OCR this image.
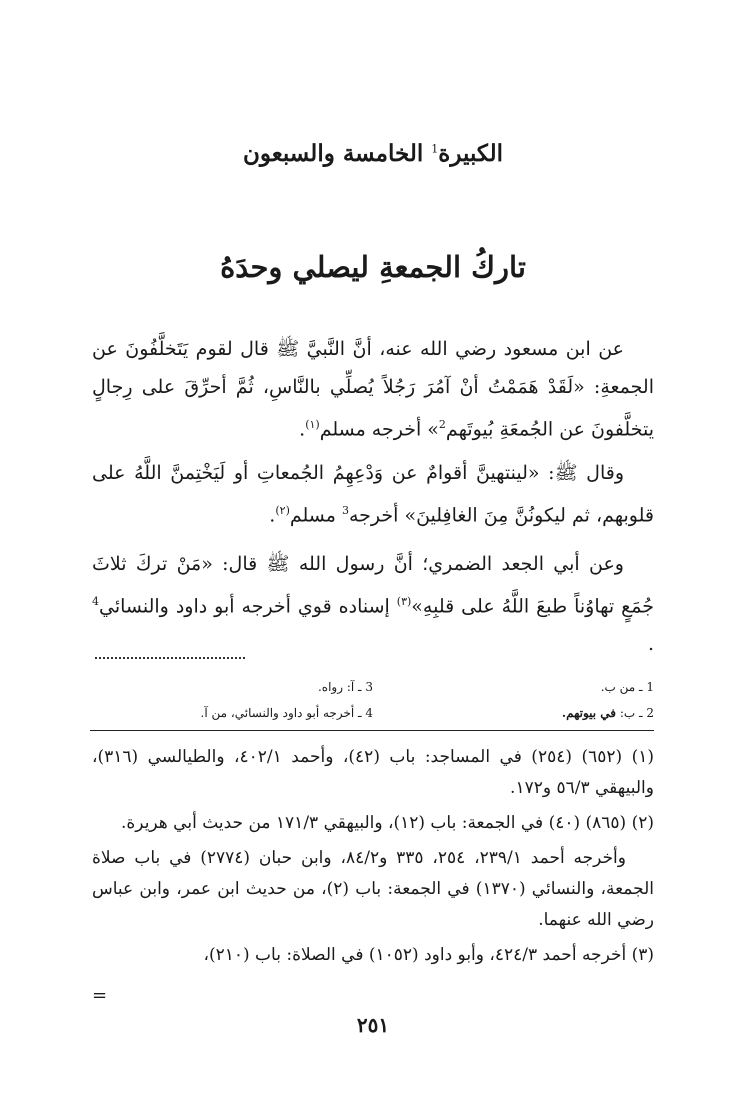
الكبيرة$^1$ الخامسة والسبعون
تاركُ الجمعةِ ليصلي وحدَهُ

عن ابن مسعود رضي الله عنه، أنَّ النَّبيَّ ﷺ قال لقوم يَتَخلَّفُونَ عن الجمعةِ: «لَقَدْ هَمَمْتُ أنْ آمُرَ رَجُلاً يُصلِّي بالنَّاسِ، ثُمَّ أحرِّقَ على رِجالٍ يتخلَّفونَ عن الجُمعَةِ بُيوتَهم$^2$» أخرجه مسلم$^{(١)}$.

وقال ﷺ: «لينتهينَّ أقوامٌ عن وَدْعِهِمُ الجُمعاتِ أو لَيَخْتِمنَّ اللَّهُ على قلوبهم، ثم ليكونُنَّ مِنَ الغافِلينَ» أخرجه$^3$ مسلم$^{(٢)}$.

وعن أبي الجعد الضمري؛ أنَّ رسول الله ﷺ قال: «مَنْ تركَ ثلاثَ جُمَعٍ تهاوُناً طبعَ اللَّهُ على قلبِهِ»$^{(٣)}$ إسناده قوي أخرجه أبو داود والنسائي$^4$ .

1 ـ من ب.
3 ـ آ: رواه.
2 ـ ب: في بيوتهم.
4 ـ أخرجه أبو داود والنسائي، من آ.

(١) (٦٥٢) (٢٥٤) في المساجد: باب (٤٢)، وأحمد ٤٠٢/١، والطيالسي (٣١٦)، والبيهقي ٥٦/٣ و١٧٢.

(٢) (٨٦٥) (٤٠) في الجمعة: باب (١٢)، والبيهقي ١٧١/٣ من حديث أبي هريرة.

وأخرجه أحمد ٢٣٩/١، ٢٥٤، ٣٣٥ و٨٤/٢، وابن حبان (٢٧٧٤) في باب صلاة الجمعة، والنسائي (١٣٧٠) في الجمعة: باب (٢)، من حديث ابن عمر، وابن عباس رضي الله عنهما.

(٣) أخرجه أحمد ٤٢٤/٣، وأبو داود (١٠٥٢) في الصلاة: باب (٢١٠)،

=
٢٥١
